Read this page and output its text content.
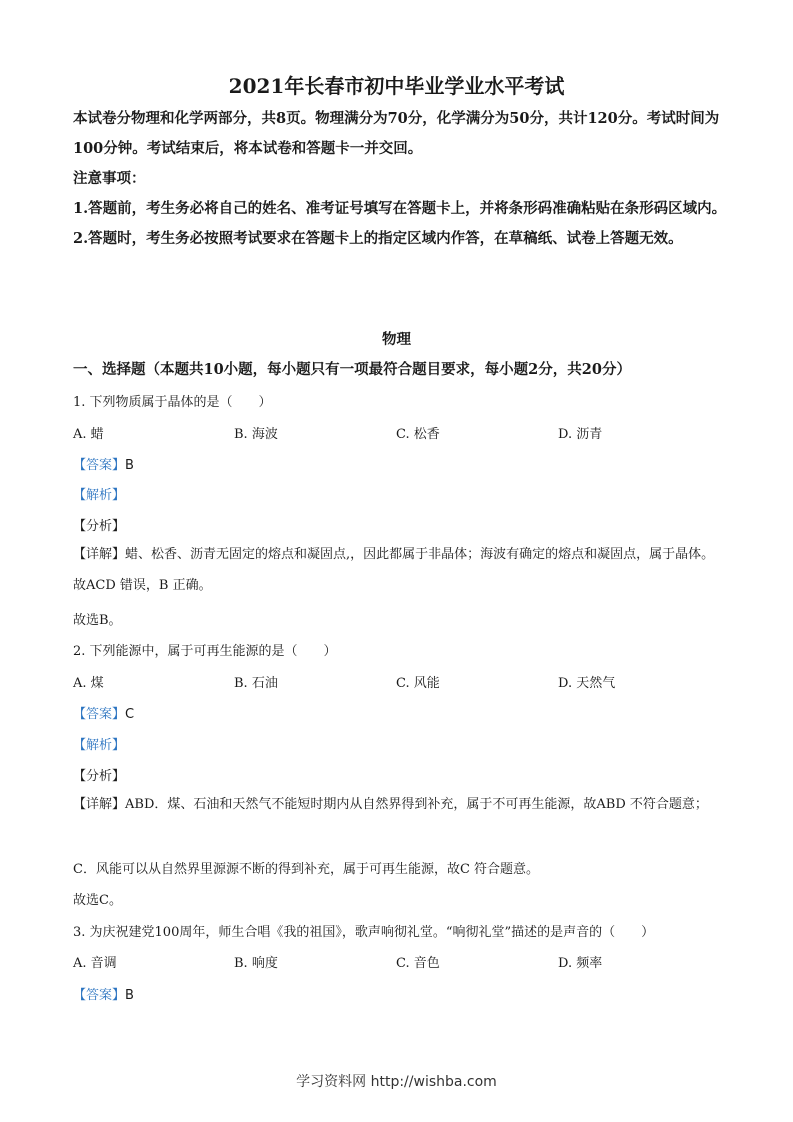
2021年长春市初中毕业学业水平考试

本试卷分物理和化学两部分，共8页。物理满分为70分，化学满分为50分，共计120分。考试时间为100分钟。考试结束后，将本试卷和答题卡一并交回。

注意事项：

1.答题前，考生务必将自己的姓名、准考证号填写在答题卡上，并将条形码准确粘贴在条形码区域内。

2.答题时，考生务必按照考试要求在答题卡上的指定区域内作答，在草稿纸、试卷上答题无效。

物理
一、选择题（本题共10小题，每小题只有一项最符合题目要求，每小题2分，共20分）
1. 下列物质属于晶体的是（　　）
A. 蜡	B. 海波	C. 松香	D. 沥青
【答案】B
【解析】
【分析】
【详解】蜡、松香、沥青无固定的熔点和凝固点,，因此都属于非晶体；海波有确定的熔点和凝固点，属于晶体。故ACD 错误，B 正确。
故选B。
2. 下列能源中，属于可再生能源的是（　　）
A. 煤	B. 石油	C. 风能	D. 天然气
【答案】C
【解析】
【分析】
【详解】ABD．煤、石油和天然气不能短时期内从自然界得到补充，属于不可再生能源，故ABD 不符合题意；
C．风能可以从自然界里源源不断的得到补充，属于可再生能源，故C 符合题意。
故选C。
3. 为庆祝建党100周年，师生合唱《我的祖国》，歌声响彻礼堂。“响彻礼堂”描述的是声音的（　　）
A. 音调	B. 响度	C. 音色	D. 频率
【答案】B
学习资料网 http://wishba.com
